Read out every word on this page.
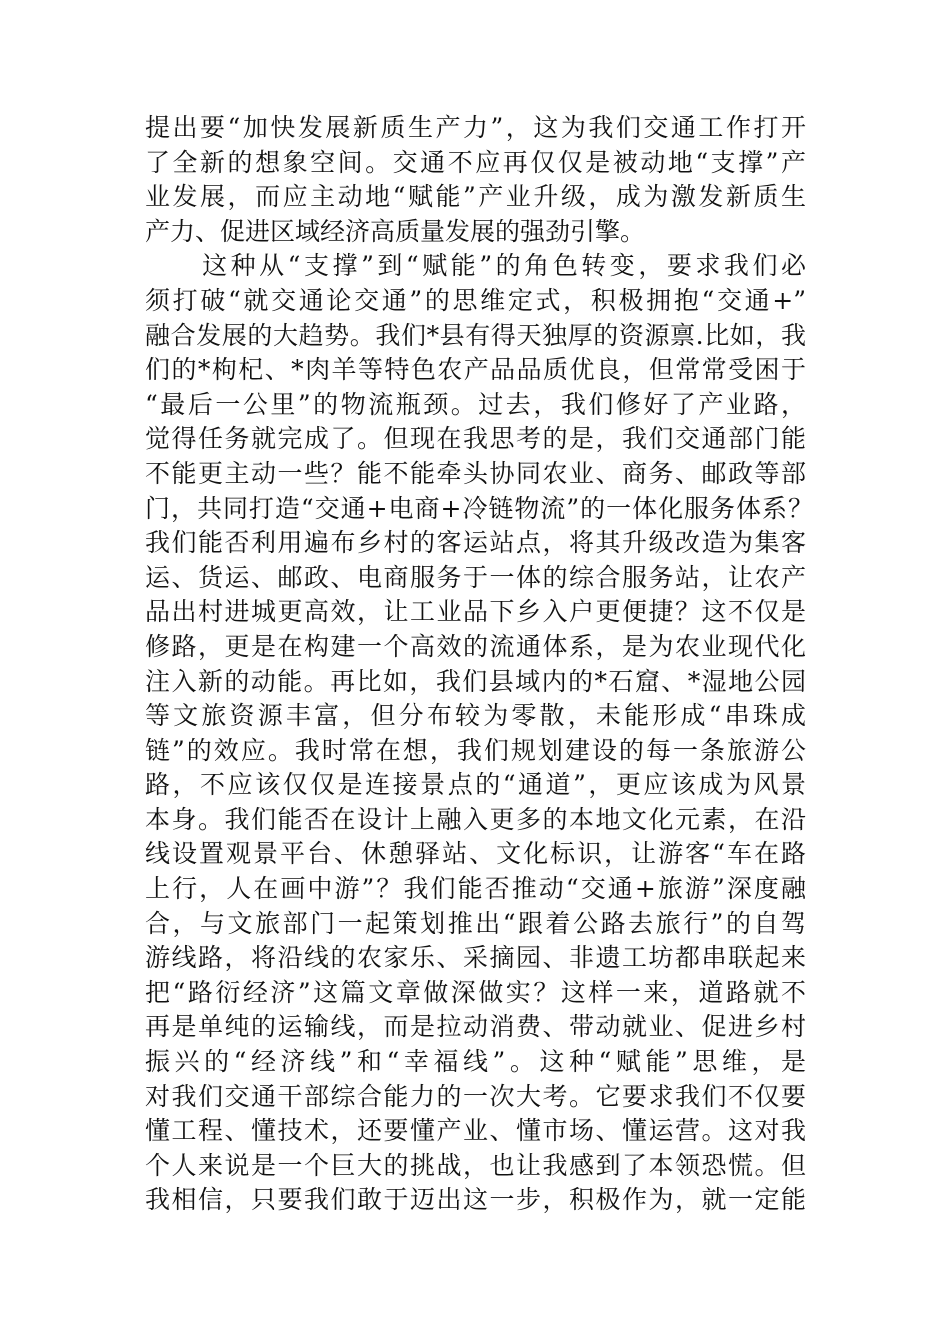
提出要“加快发展新质生产力”，这为我们交通工作打开
了全新的想象空间。交通不应再仅仅是被动地“支撑”产
业发展，而应主动地“赋能”产业升级，成为激发新质生
产力、促进区域经济高质量发展的强劲引擎。
　　这种从“支撑”到“赋能”的角色转变，要求我们必
须打破“就交通论交通”的思维定式，积极拥抱“交通+”
融合发展的大趋势。我们*县有得天独厚的资源禀.比如，我
们的*枸杞、*肉羊等特色农产品品质优良，但常常受困于
“最后一公里”的物流瓶颈。过去，我们修好了产业路，
觉得任务就完成了。但现在我思考的是，我们交通部门能
不能更主动一些？能不能牵头协同农业、商务、邮政等部
门，共同打造“交通+电商+冷链物流”的一体化服务体系？
我们能否利用遍布乡村的客运站点，将其升级改造为集客
运、货运、邮政、电商服务于一体的综合服务站，让农产
品出村进城更高效，让工业品下乡入户更便捷？这不仅是
修路，更是在构建一个高效的流通体系，是为农业现代化
注入新的动能。再比如，我们县域内的*石窟、*湿地公园
等文旅资源丰富，但分布较为零散，未能形成“串珠成
链”的效应。我时常在想，我们规划建设的每一条旅游公
路，不应该仅仅是连接景点的“通道”，更应该成为风景
本身。我们能否在设计上融入更多的本地文化元素，在沿
线设置观景平台、休憩驿站、文化标识，让游客“车在路
上行，人在画中游”？我们能否推动“交通+旅游”深度融
合，与文旅部门一起策划推出“跟着公路去旅行”的自驾
游线路，将沿线的农家乐、采摘园、非遗工坊都串联起来
把“路衍经济”这篇文章做深做实？这样一来，道路就不
再是单纯的运输线，而是拉动消费、带动就业、促进乡村
振兴的“经济线”和“幸福线”。这种“赋能”思维，是
对我们交通干部综合能力的一次大考。它要求我们不仅要
懂工程、懂技术，还要懂产业、懂市场、懂运营。这对我
个人来说是一个巨大的挑战，也让我感到了本领恐慌。但
我相信，只要我们敢于迈出这一步，积极作为，就一定能
